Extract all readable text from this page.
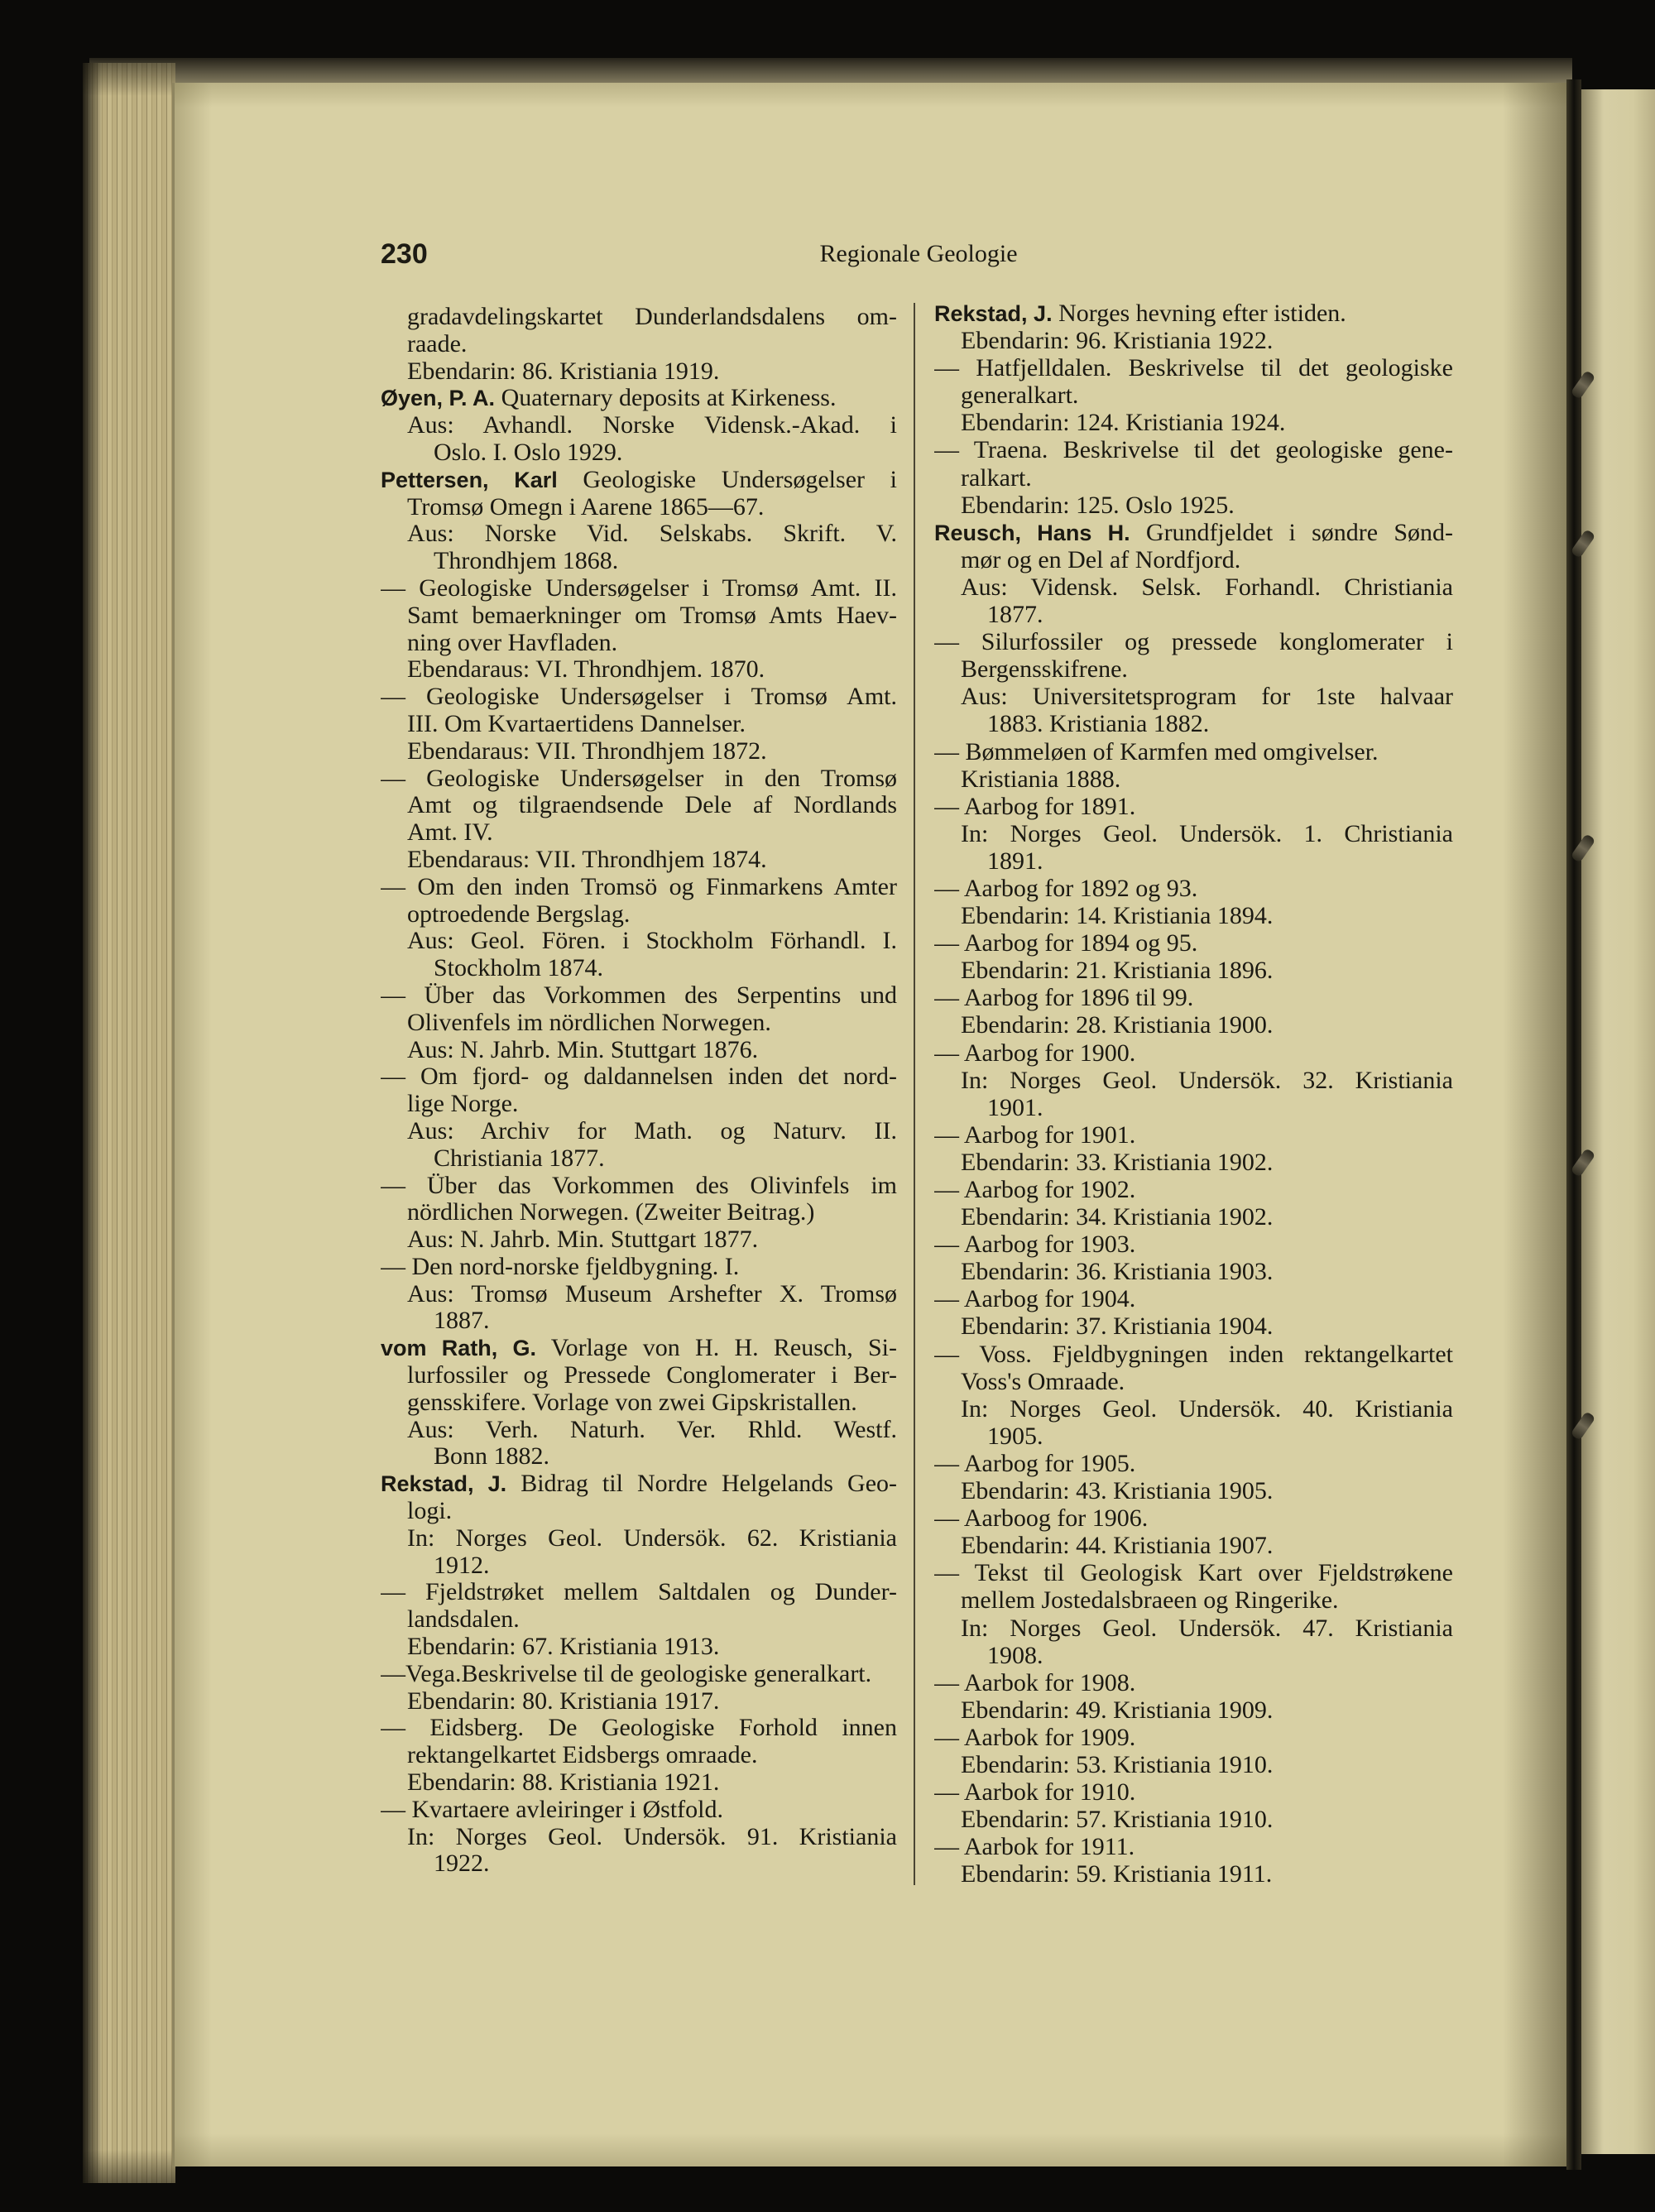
230	Regionale Geologie
gradavdelingskartet Dunderlandsdalens om-
raade.
Ebendarin: 86. Kristiania 1919.
Øyen, P. A. Quaternary deposits at Kirkeness.
Aus: Avhandl. Norske Vidensk.-Akad. i
Oslo. I. Oslo 1929.
Pettersen, Karl Geologiske Undersøgelser i
Tromsø Omegn i Aarene 1865—67.
Aus: Norske Vid. Selskabs. Skrift. V.
Throndhjem 1868.
— Geologiske Undersøgelser i Tromsø Amt. II.
Samt bemaerkninger om Tromsø Amts Haev-
ning over Havfladen.
Ebendaraus: VI. Throndhjem. 1870.
— Geologiske Undersøgelser i Tromsø Amt.
III. Om Kvartaertidens Dannelser.
Ebendaraus: VII. Throndhjem 1872.
— Geologiske Undersøgelser in den Tromsø
Amt og tilgraendsende Dele af Nordlands
Amt. IV.
Ebendaraus: VII. Throndhjem 1874.
— Om den inden Tromsö og Finmarkens Amter
optroedende Bergslag.
Aus: Geol. Fören. i Stockholm Förhandl. I.
Stockholm 1874.
— Über das Vorkommen des Serpentins und
Olivenfels im nördlichen Norwegen.
Aus: N. Jahrb. Min. Stuttgart 1876.
— Om fjord- og daldannelsen inden det nord-
lige Norge.
Aus: Archiv for Math. og Naturv. II.
Christiania 1877.
— Über das Vorkommen des Olivinfels im
nördlichen Norwegen. (Zweiter Beitrag.)
Aus: N. Jahrb. Min. Stuttgart 1877.
— Den nord-norske fjeldbygning. I.
Aus: Tromsø Museum Arshefter X. Tromsø
1887.
vom Rath, G. Vorlage von H. H. Reusch, Si-
lurfossiler og Pressede Conglomerater i Ber-
gensskifere. Vorlage von zwei Gipskristallen.
Aus: Verh. Naturh. Ver. Rhld. Westf.
Bonn 1882.
Rekstad, J. Bidrag til Nordre Helgelands Geo-
logi.
In: Norges Geol. Undersök. 62. Kristiania
1912.
— Fjeldstrøket mellem Saltdalen og Dunder-
landsdalen.
Ebendarin: 67. Kristiania 1913.
—Vega.Beskrivelse til de geologiske generalkart.
Ebendarin: 80. Kristiania 1917.
— Eidsberg. De Geologiske Forhold innen
rektangelkartet Eidsbergs omraade.
Ebendarin: 88. Kristiania 1921.
— Kvartaere avleiringer i Østfold.
In: Norges Geol. Undersök. 91. Kristiania
1922.
Rekstad, J. Norges hevning efter istiden.
Ebendarin: 96. Kristiania 1922.
— Hatfjelldalen. Beskrivelse til det geologiske
generalkart.
Ebendarin: 124. Kristiania 1924.
— Traena. Beskrivelse til det geologiske gene-
ralkart.
Ebendarin: 125. Oslo 1925.
Reusch, Hans H. Grundfjeldet i søndre Sønd-
mør og en Del af Nordfjord.
Aus: Vidensk. Selsk. Forhandl. Christiania
1877.
— Silurfossiler og pressede konglomerater i
Bergensskifrene.
Aus: Universitetsprogram for 1ste halvaar
1883. Kristiania 1882.
— Bømmeløen of Karmfen med omgivelser.
Kristiania 1888.
— Aarbog for 1891.
In: Norges Geol. Undersök. 1. Christiania
1891.
— Aarbog for 1892 og 93.
Ebendarin: 14. Kristiania 1894.
— Aarbog for 1894 og 95.
Ebendarin: 21. Kristiania 1896.
— Aarbog for 1896 til 99.
Ebendarin: 28. Kristiania 1900.
— Aarbog for 1900.
In: Norges Geol. Undersök. 32. Kristiania
1901.
— Aarbog for 1901.
Ebendarin: 33. Kristiania 1902.
— Aarbog for 1902.
Ebendarin: 34. Kristiania 1902.
— Aarbog for 1903.
Ebendarin: 36. Kristiania 1903.
— Aarbog for 1904.
Ebendarin: 37. Kristiania 1904.
— Voss. Fjeldbygningen inden rektangelkartet
Voss's Omraade.
In: Norges Geol. Undersök. 40. Kristiania
1905.
— Aarbog for 1905.
Ebendarin: 43. Kristiania 1905.
— Aarboog for 1906.
Ebendarin: 44. Kristiania 1907.
— Tekst til Geologisk Kart over Fjeldstrøkene
mellem Jostedalsbraeen og Ringerike.
In: Norges Geol. Undersök. 47. Kristiania
1908.
— Aarbok for 1908.
Ebendarin: 49. Kristiania 1909.
— Aarbok for 1909.
Ebendarin: 53. Kristiania 1910.
— Aarbok for 1910.
Ebendarin: 57. Kristiania 1910.
— Aarbok for 1911.
Ebendarin: 59. Kristiania 1911.
